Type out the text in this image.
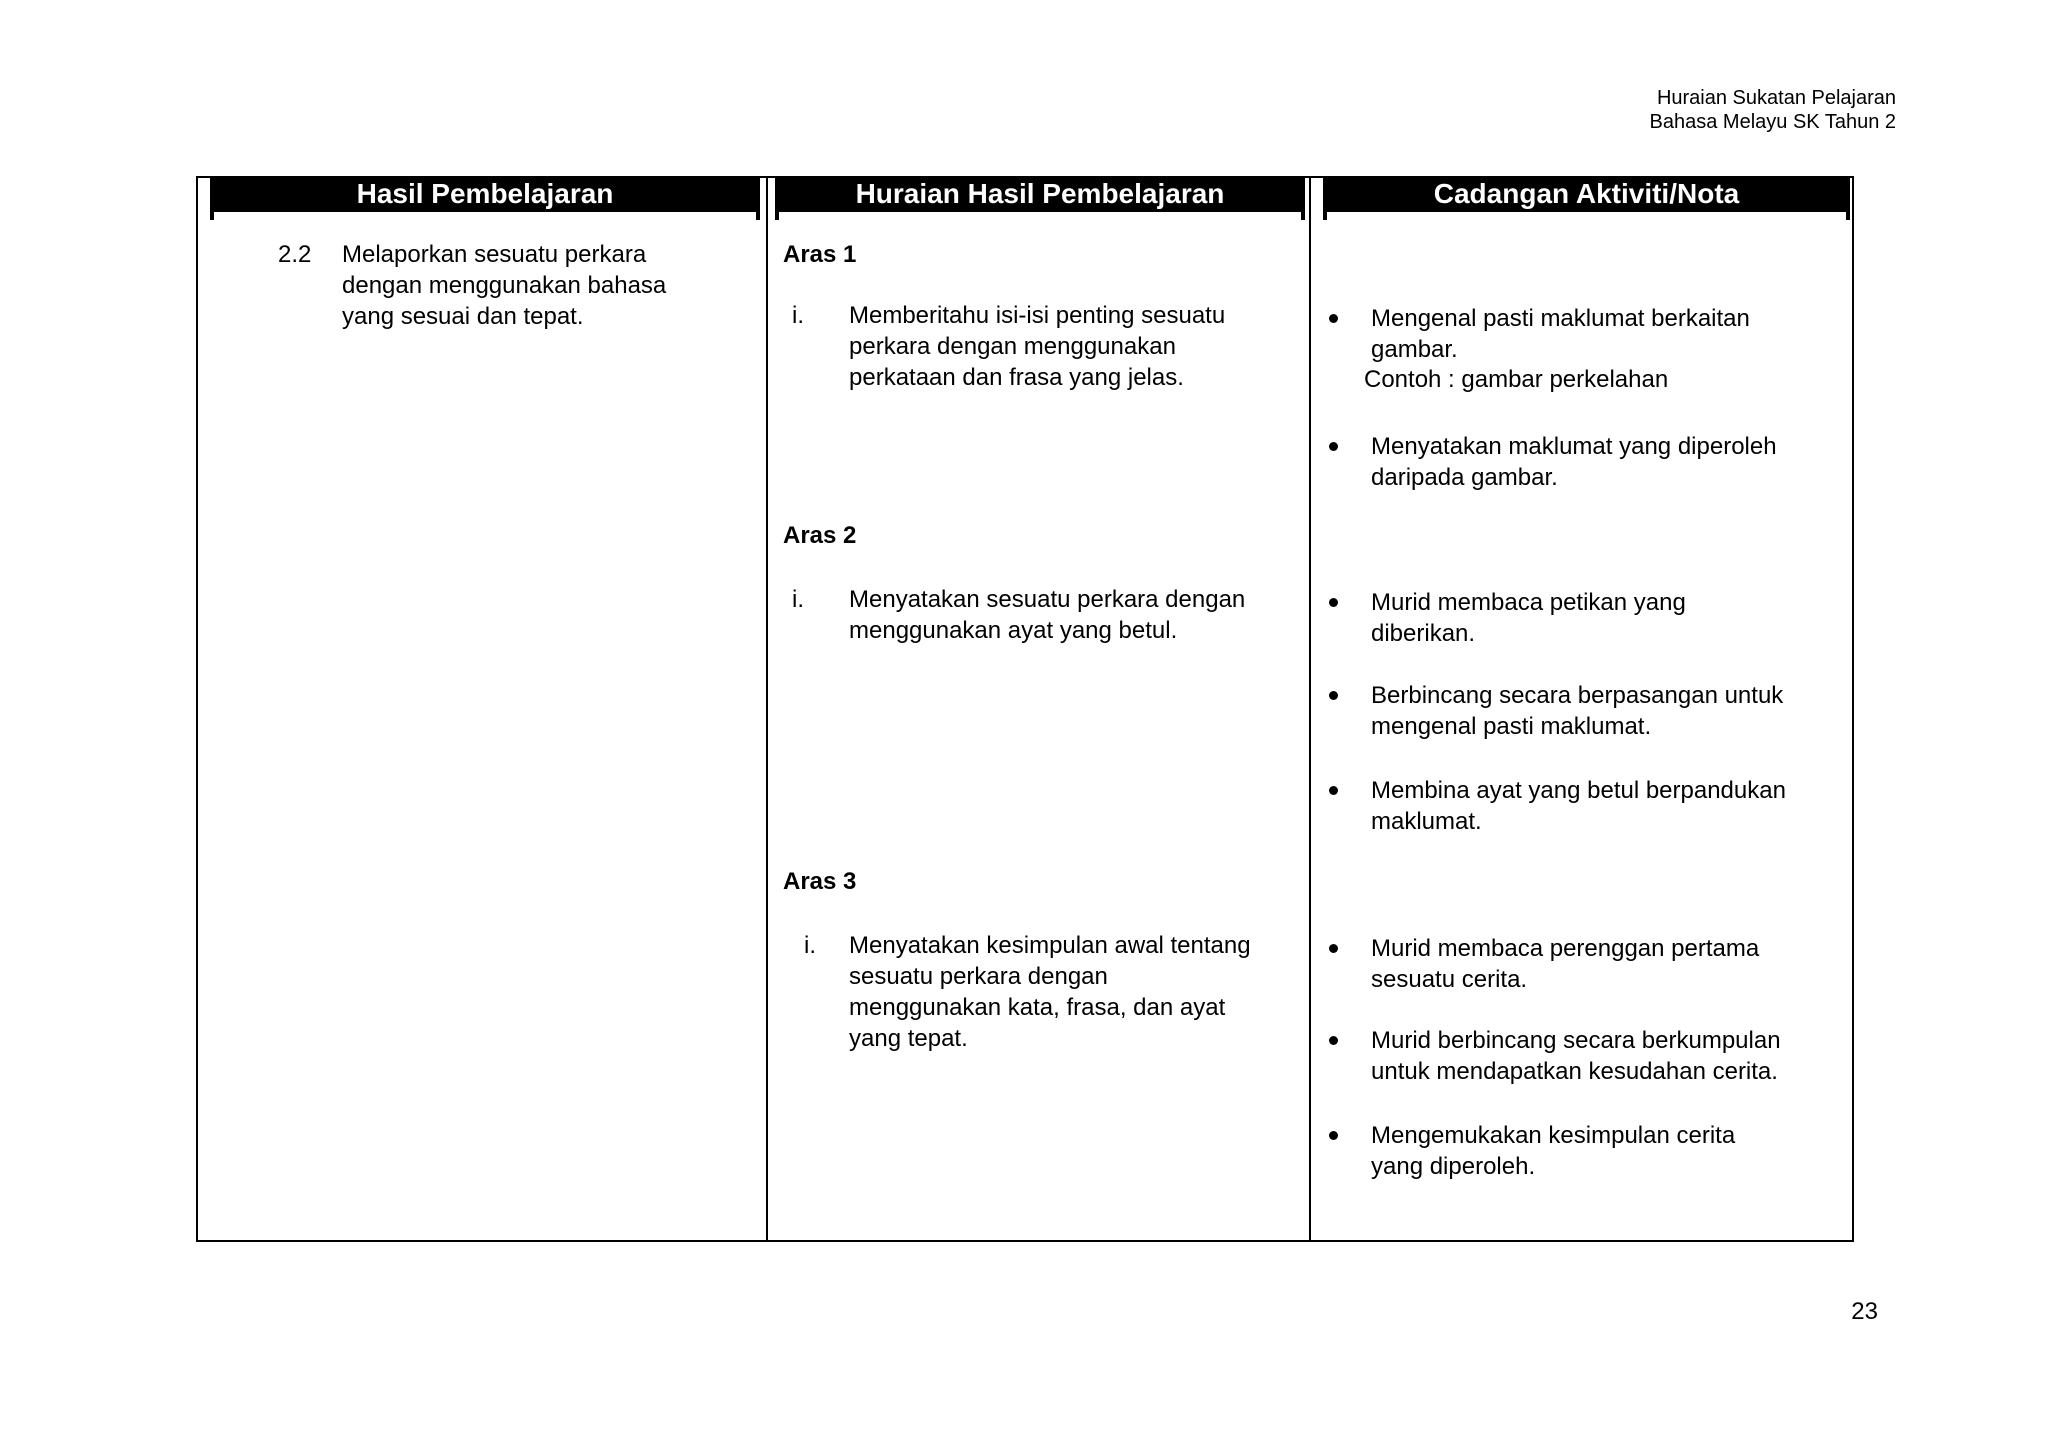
Huraian Sukatan Pelajaran
Bahasa Melayu SK Tahun 2
Hasil Pembelajaran	Huraian Hasil Pembelajaran	Cadangan Aktiviti/Nota
2.2 Melaporkan sesuatu perkara
dengan menggunakan bahasa
yang sesuai dan tepat.
Aras 1
i. Memberitahu isi-isi penting sesuatu
perkara dengan menggunakan
perkataan dan frasa yang jelas.
Aras 2
i. Menyatakan sesuatu perkara dengan
menggunakan ayat yang betul.
Aras 3
i. Menyatakan kesimpulan awal tentang
sesuatu perkara dengan
menggunakan kata, frasa, dan ayat
yang tepat.
Mengenal pasti maklumat berkaitan
gambar.
Contoh : gambar perkelahan
Menyatakan maklumat yang diperoleh
daripada gambar.
Murid membaca petikan yang
diberikan.
Berbincang secara berpasangan untuk
mengenal pasti maklumat.
Membina ayat yang betul berpandukan
maklumat.
Murid membaca perenggan pertama
sesuatu cerita.
Murid berbincang secara berkumpulan
untuk mendapatkan kesudahan cerita.
Mengemukakan kesimpulan cerita
yang diperoleh.
23
